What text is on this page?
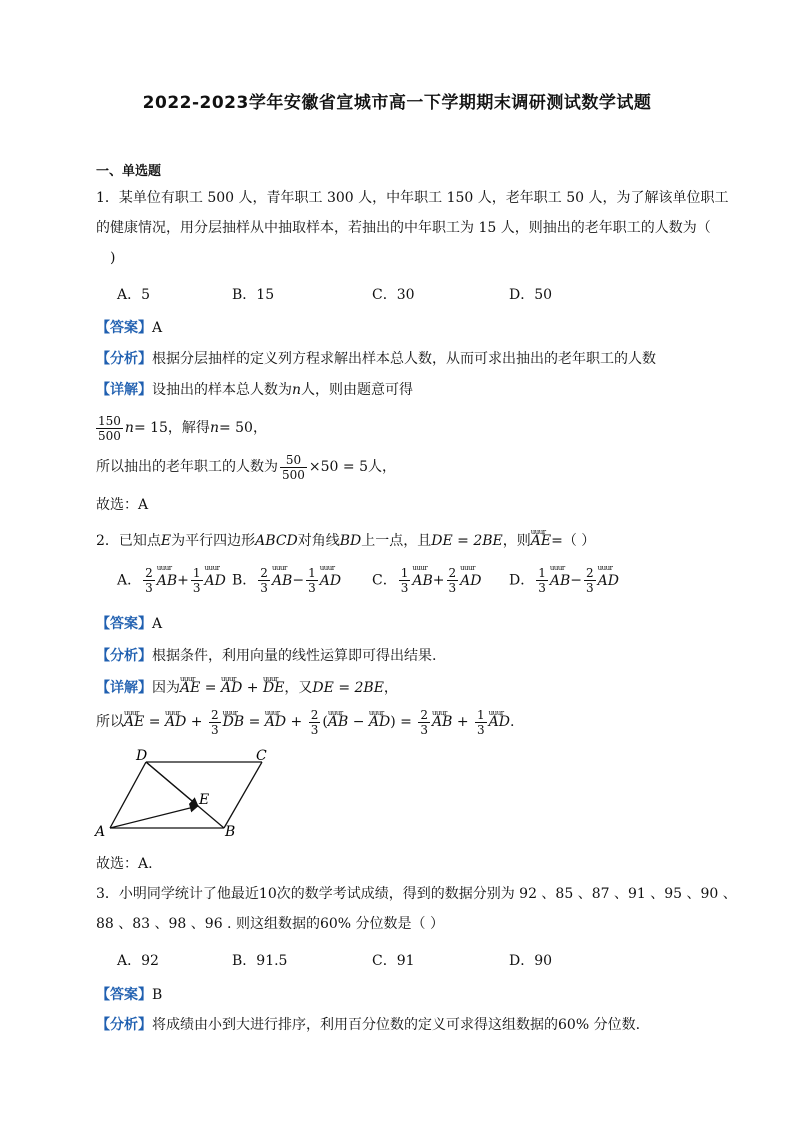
2022-2023学年安徽省宣城市高一下学期期末调研测试数学试题
一、单选题
1．某单位有职工 500 人，青年职工 300 人，中年职工 150 人，老年职工 50 人，为了解该单位职工
的健康情况，用分层抽样从中抽取样本，若抽出的中年职工为 15 人，则抽出的老年职工的人数为（
)
A．5	B．15	C．30	D．50
【答案】A
【分析】根据分层抽样的定义列方程求解出样本总人数，从而可求出抽出的老年职工的人数
【详解】设抽出的样本总人数为n人，则由题意可得
$\frac{150}{500} n= 15$，解得n= 50，
所以抽出的老年职工的人数为 $\frac{50}{500} \times 50 = 5$人，
故选：A
2．已知点E为平行四边形ABCD对角线BD上一点，且DE = 2BE，则uuur AE=（ ）
A． $\frac{2}{3}$ uuur $AB+ \frac{1}{3}$ uuur AD B． $\frac{2}{3}$ uuur $AB- \frac{1}{3}$ uuur AD C． $\frac{1}{3}$ uuur $AB+ \frac{2}{3}$ uuur AD D． $\frac{1}{3}$ uuur $AB- \frac{2}{3}$ uuur AD
【答案】A
【分析】根据条件，利用向量的线性运算即可得出结果.
【详解】因为uuur AE = uuur AD + uuur DE，又DE = 2BE，
所以uuur AE = uuur AD + $\frac{2}{3}$ uuur DB = uuur AD + $\frac{2}{3}$ (uuur AB − uuur $AD) = \frac{2}{3}$ uuur AB + $\frac{1}{3}$ uuur AD.
A	B
C
D
E
故选：A.
3．小明同学统计了他最近10次的数学考试成绩，得到的数据分别为 92 、85 、87 、91 、95 、90 、
88 、83 、98 、96 . 则这组数据的60% 分位数是（ ）
A．92	B．91.5	C．91	D．90
【答案】B
【分析】将成绩由小到大进行排序，利用百分位数的定义可求得这组数据的60% 分位数.
